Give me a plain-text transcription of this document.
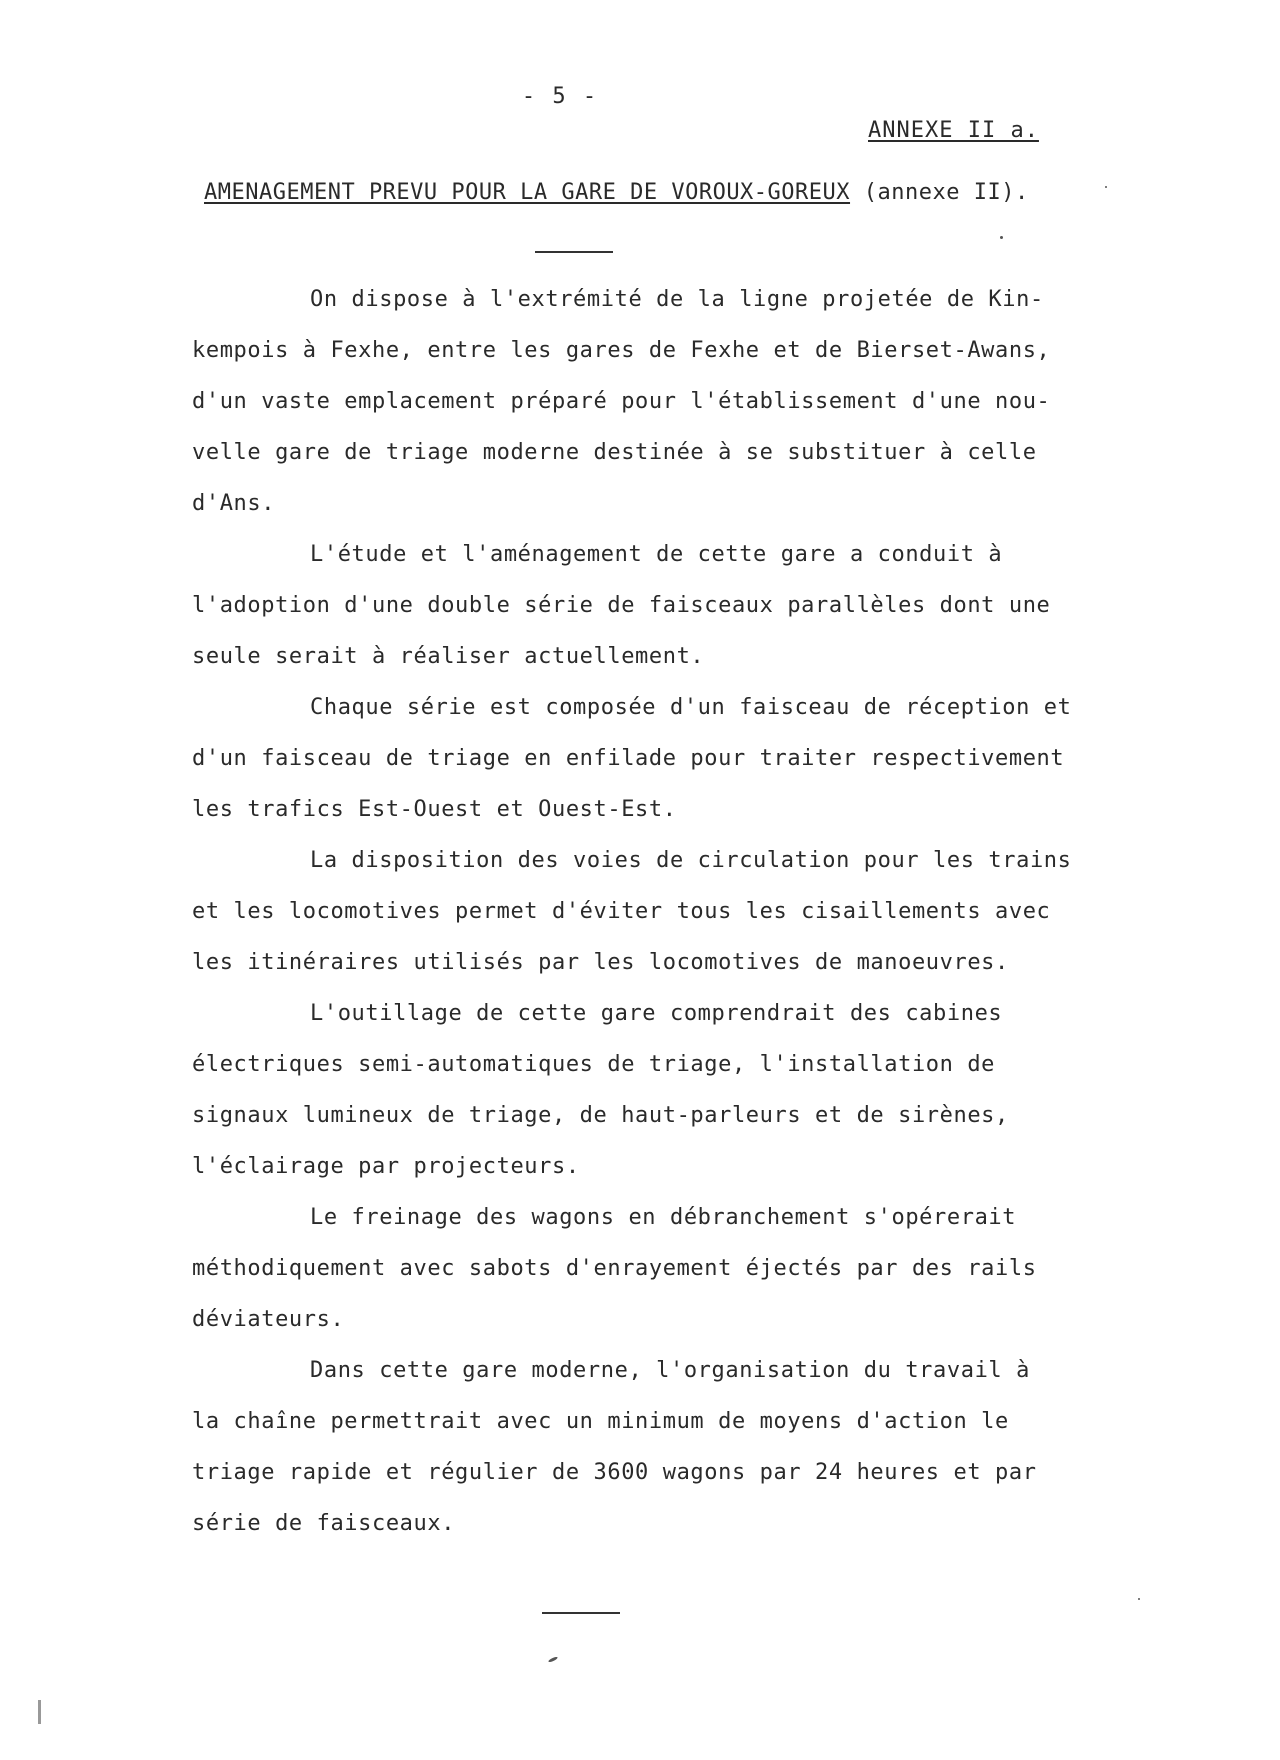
- 5 -
ANNEXE II a.
AMENAGEMENT PREVU POUR LA GARE DE VOROUX-GOREUX (annexe II).
On dispose à l'extrémité de la ligne projetée de Kin-
kempois à Fexhe, entre les gares de Fexhe et de Bierset-Awans,
d'un vaste emplacement préparé pour l'établissement d'une nou-
velle gare de triage moderne destinée à se substituer à celle
d'Ans.
L'étude et l'aménagement de cette gare a conduit à
l'adoption d'une double série de faisceaux parallèles dont une
seule serait à réaliser actuellement.
Chaque série est composée d'un faisceau de réception et
d'un faisceau de triage en enfilade pour traiter respectivement
les trafics Est-Ouest et Ouest-Est.
La disposition des voies de circulation pour les trains
et les locomotives permet d'éviter tous les cisaillements avec
les itinéraires utilisés par les locomotives de manoeuvres.
L'outillage de cette gare comprendrait des cabines
électriques semi-automatiques de triage, l'installation de
signaux lumineux de triage, de haut-parleurs et de sirènes,
l'éclairage par projecteurs.
Le freinage des wagons en débranchement s'opérerait
méthodiquement avec sabots d'enrayement éjectés par des rails
déviateurs.
Dans cette gare moderne, l'organisation du travail à
la chaîne permettrait avec un minimum de moyens d'action le
triage rapide et régulier de 3600 wagons par 24 heures et par
série de faisceaux.
